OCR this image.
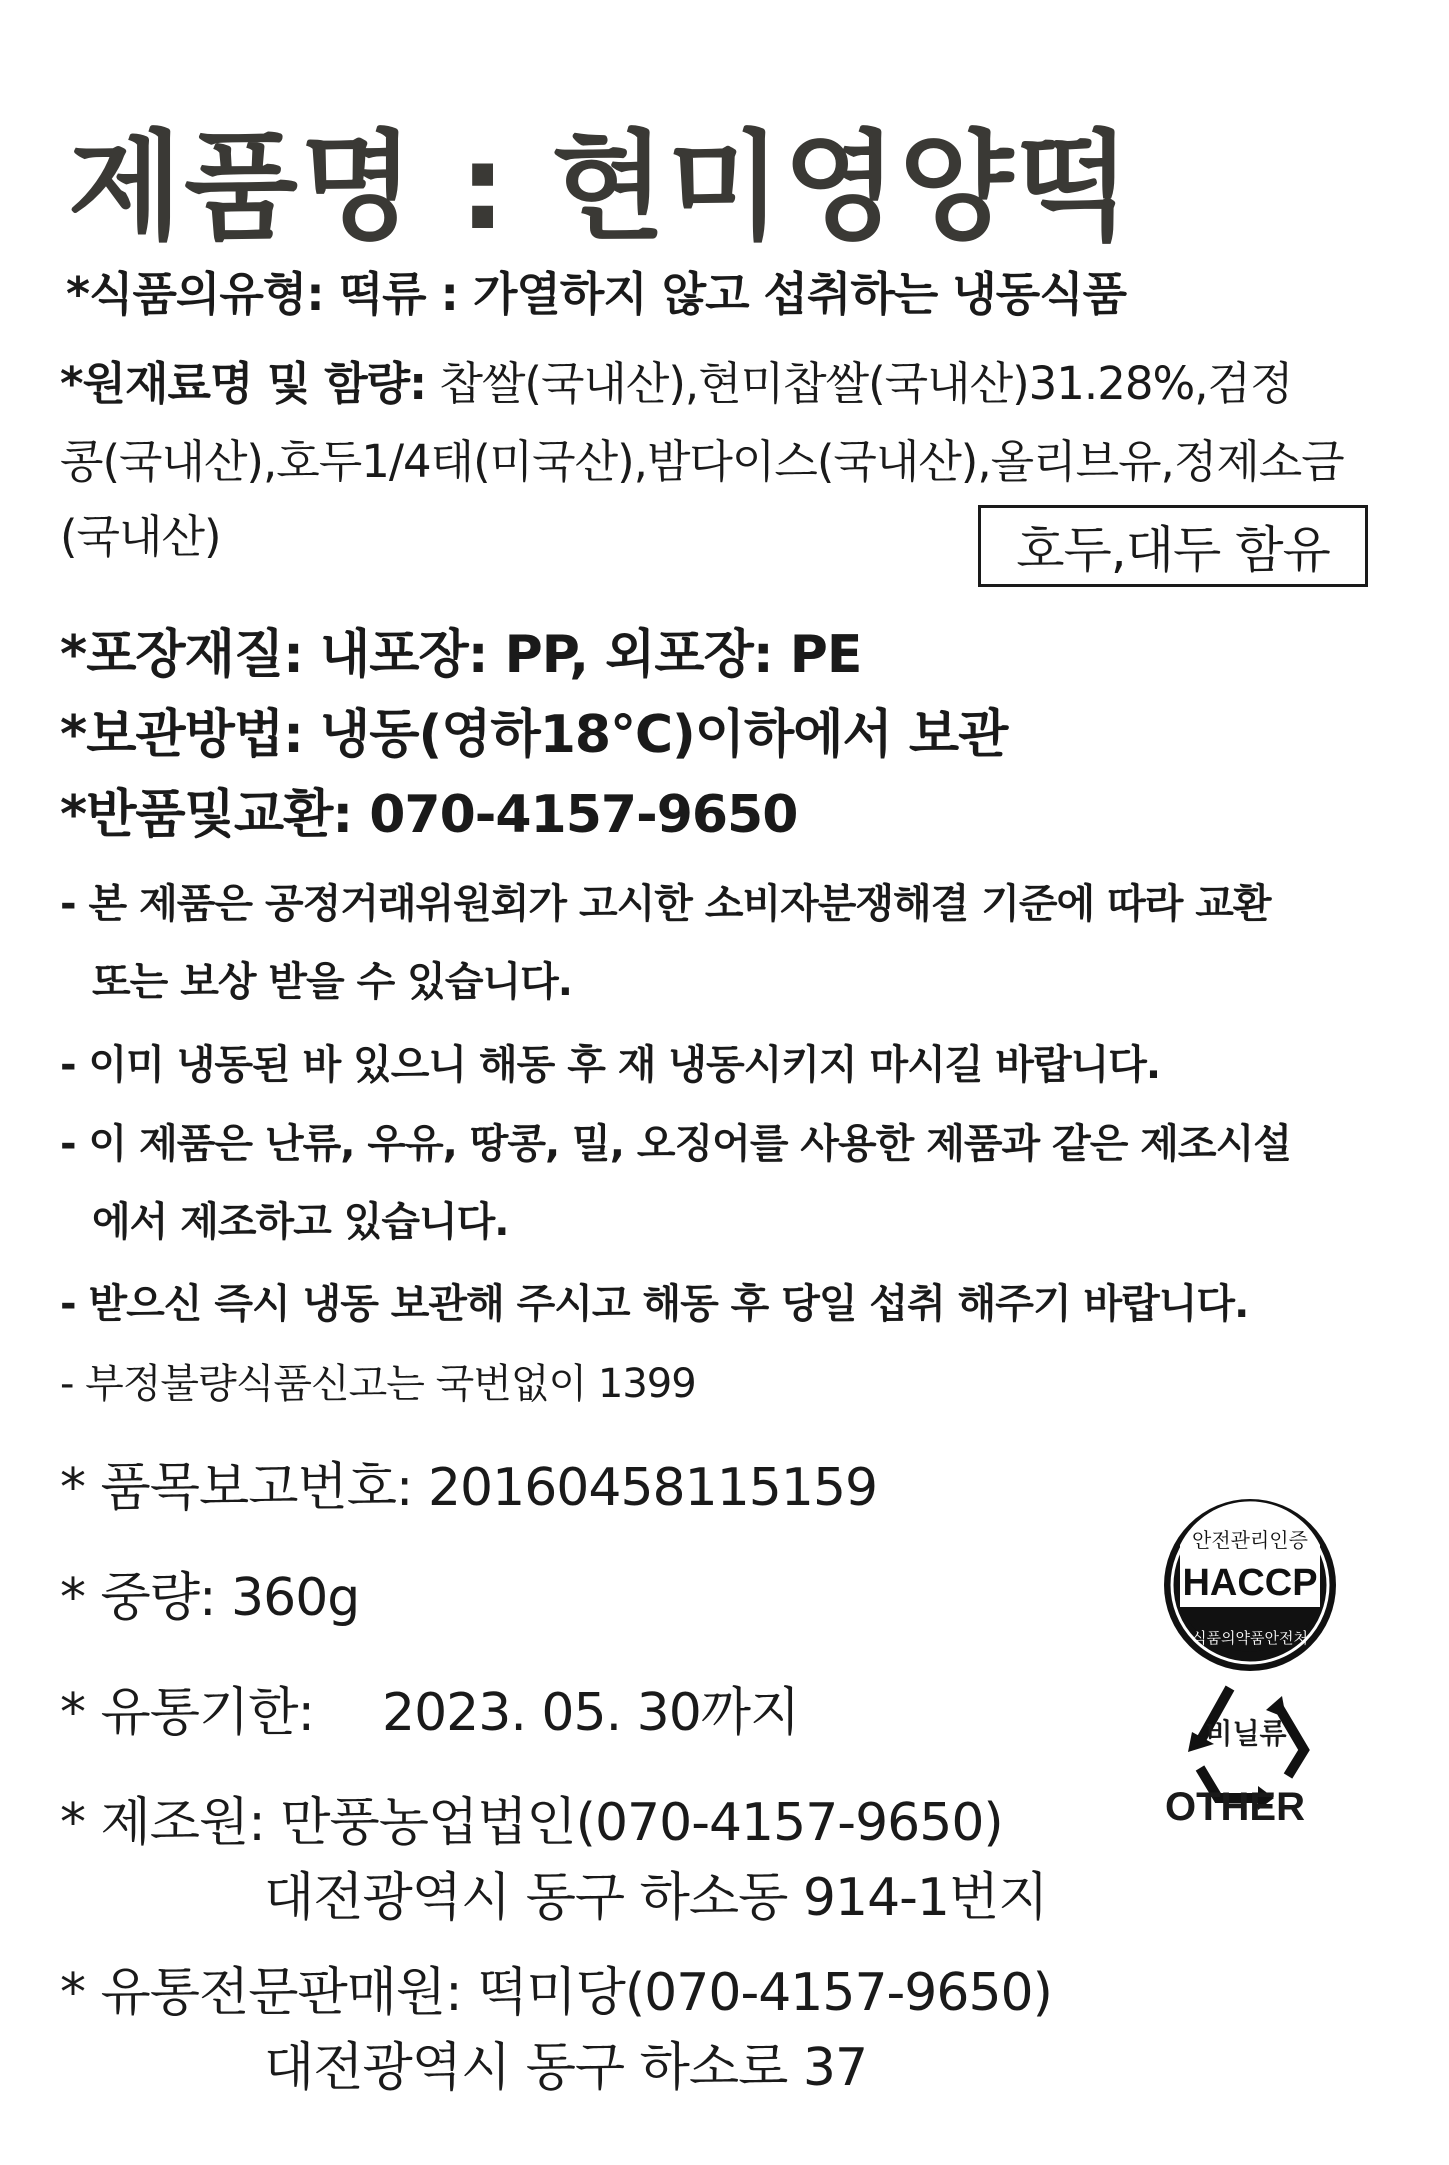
제품명 : 현미영양떡
*식품의유형: 떡류 : 가열하지 않고 섭취하는 냉동식품
*원재료명 및 함량: 찹쌀(국내산),현미찹쌀(국내산)31.28%,검정
콩(국내산),호두1/4태(미국산),밤다이스(국내산),올리브유,정제소금
(국내산)	호두,대두 함유
*포장재질: 내포장: PP, 외포장: PE
*보관방법: 냉동(영하18℃)이하에서 보관
*반품및교환: 070-4157-9650
- 본 제품은 공정거래위원회가 고시한 소비자분쟁해결 기준에 따라 교환
또는 보상 받을 수 있습니다.
- 이미 냉동된 바 있으니 해동 후 재 냉동시키지 마시길 바랍니다.
- 이 제품은 난류, 우유, 땅콩, 밀, 오징어를 사용한 제품과 같은 제조시설
에서 제조하고 있습니다.
- 받으신 즉시 냉동 보관해 주시고 해동 후 당일 섭취 해주기 바랍니다.
- 부정불량식품신고는 국번없이 1399
* 품목보고번호: 20160458115159
* 중량: 360g
* 유통기한: 2023. 05. 30까지
* 제조원: 만풍농업법인(070-4157-9650)
대전광역시 동구 하소동 914-1번지
* 유통전문판매원: 떡미당(070-4157-9650)
대전광역시 동구 하소로 37
안전관리인증
HACCP
식품의약품안전처
비닐류
OTHER
